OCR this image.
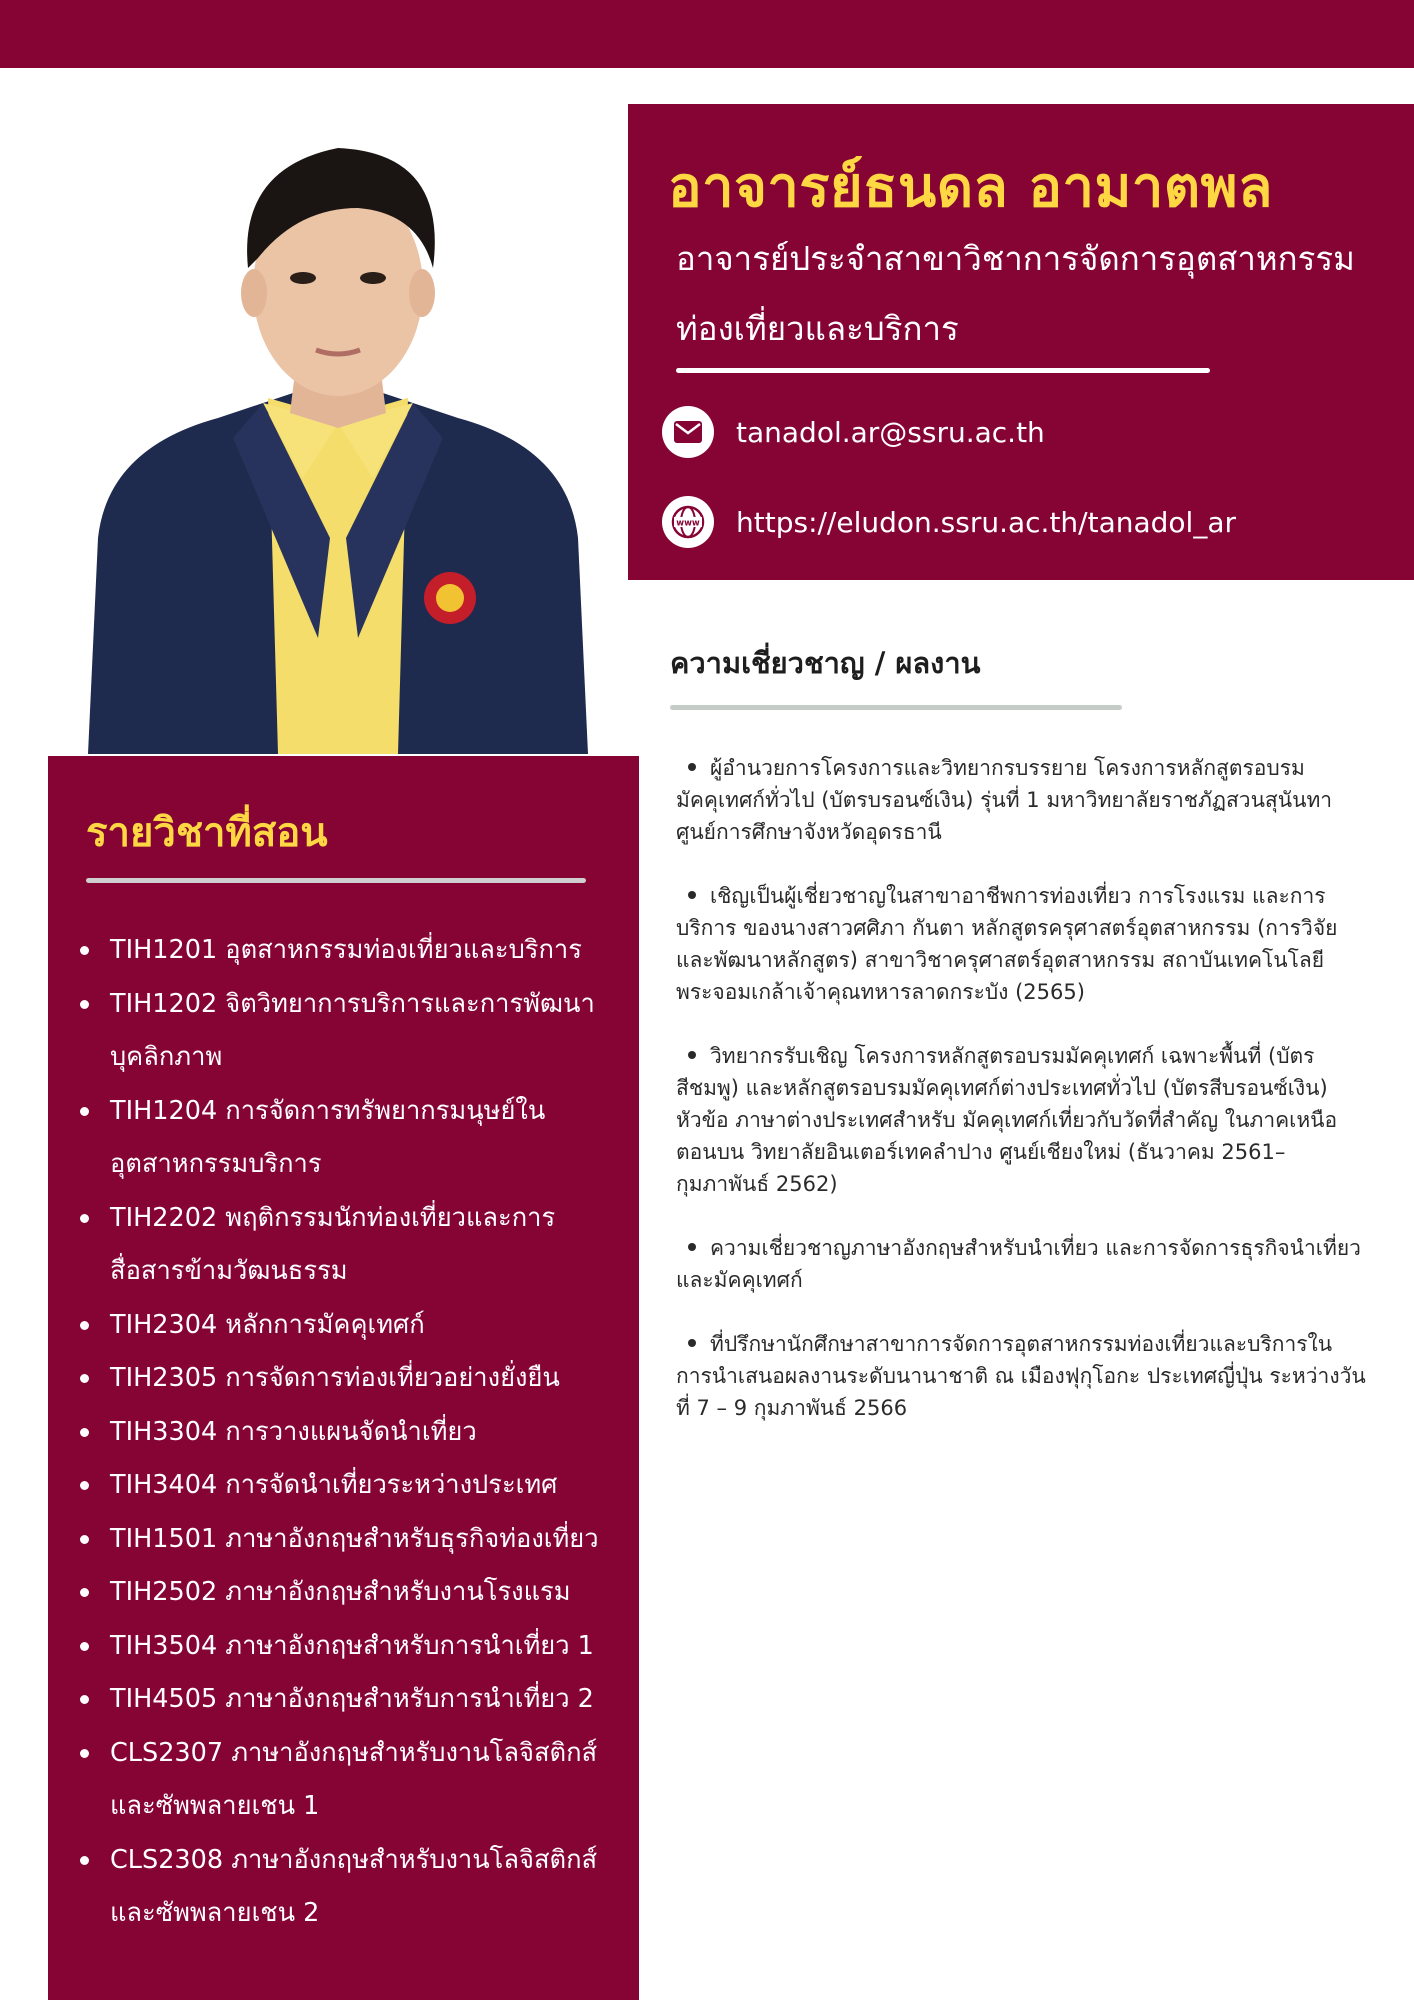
อาจารย์ธนดล อามาตพล

อาจารย์ประจำสาขาวิชาการจัดการอุตสาหกรรมท่องเที่ยวและบริการ

tanadol.ar@ssru.ac.th
www https://eludon.ssru.ac.th/tanadol_ar
รายวิชาที่สอน
TIH1201 อุตสาหกรรมท่องเที่ยวและบริการ
TIH1202 จิตวิทยาการบริการและการพัฒนาบุคลิกภาพ
TIH1204 การจัดการทรัพยากรมนุษย์ในอุตสาหกรรมบริการ
TIH2202 พฤติกรรมนักท่องเที่ยวและการสื่อสารข้ามวัฒนธรรม
TIH2304 หลักการมัคคุเทศก์
TIH2305 การจัดการท่องเที่ยวอย่างยั่งยืน
TIH3304 การวางแผนจัดนำเที่ยว
TIH3404 การจัดนำเที่ยวระหว่างประเทศ
TIH1501 ภาษาอังกฤษสำหรับธุรกิจท่องเที่ยว
TIH2502 ภาษาอังกฤษสำหรับงานโรงแรม
TIH3504 ภาษาอังกฤษสำหรับการนำเที่ยว 1
TIH4505 ภาษาอังกฤษสำหรับการนำเที่ยว 2
CLS2307 ภาษาอังกฤษสำหรับงานโลจิสติกส์และซัพพลายเชน 1
CLS2308 ภาษาอังกฤษสำหรับงานโลจิสติกส์และซัพพลายเชน 2
ความเชี่ยวชาญ / ผลงาน
ผู้อำนวยการโครงการและวิทยากรบรรยาย โครงการหลักสูตรอบรมมัคคุเทศก์ทั่วไป (บัตรบรอนซ์เงิน) รุ่นที่ 1 มหาวิทยาลัยราชภัฏสวนสุนันทา ศูนย์การศึกษาจังหวัดอุดรธานี
เชิญเป็นผู้เชี่ยวชาญในสาขาอาชีพการท่องเที่ยว การโรงแรม และการบริการ ของนางสาวศศิภา กันตา หลักสูตรครุศาสตร์อุตสาหกรรม (การวิจัยและพัฒนาหลักสูตร) สาขาวิชาครุศาสตร์อุตสาหกรรม สถาบันเทคโนโลยีพระจอมเกล้าเจ้าคุณทหารลาดกระบัง (2565)
วิทยากรรับเชิญ โครงการหลักสูตรอบรมมัคคุเทศก์ เฉพาะพื้นที่ (บัตรสีชมพู) และหลักสูตรอบรมมัคคุเทศก์ต่างประเทศทั่วไป (บัตรสีบรอนซ์เงิน) หัวข้อ ภาษาต่างประเทศสำหรับ มัคคุเทศก์เที่ยวกับวัดที่สำคัญ ในภาคเหนือตอนบน วิทยาลัยอินเตอร์เทคลำปาง ศูนย์เชียงใหม่ (ธันวาคม 2561– กุมภาพันธ์ 2562)
ความเชี่ยวชาญภาษาอังกฤษสำหรับนำเที่ยว และการจัดการธุรกิจนำเที่ยวและมัคคุเทศก์
ที่ปรึกษานักศึกษาสาขาการจัดการอุตสาหกรรมท่องเที่ยวและบริการในการนำเสนอผลงานระดับนานาชาติ ณ เมืองฟุกุโอกะ ประเทศญี่ปุ่น ระหว่างวันที่ 7 – 9 กุมภาพันธ์ 2566
